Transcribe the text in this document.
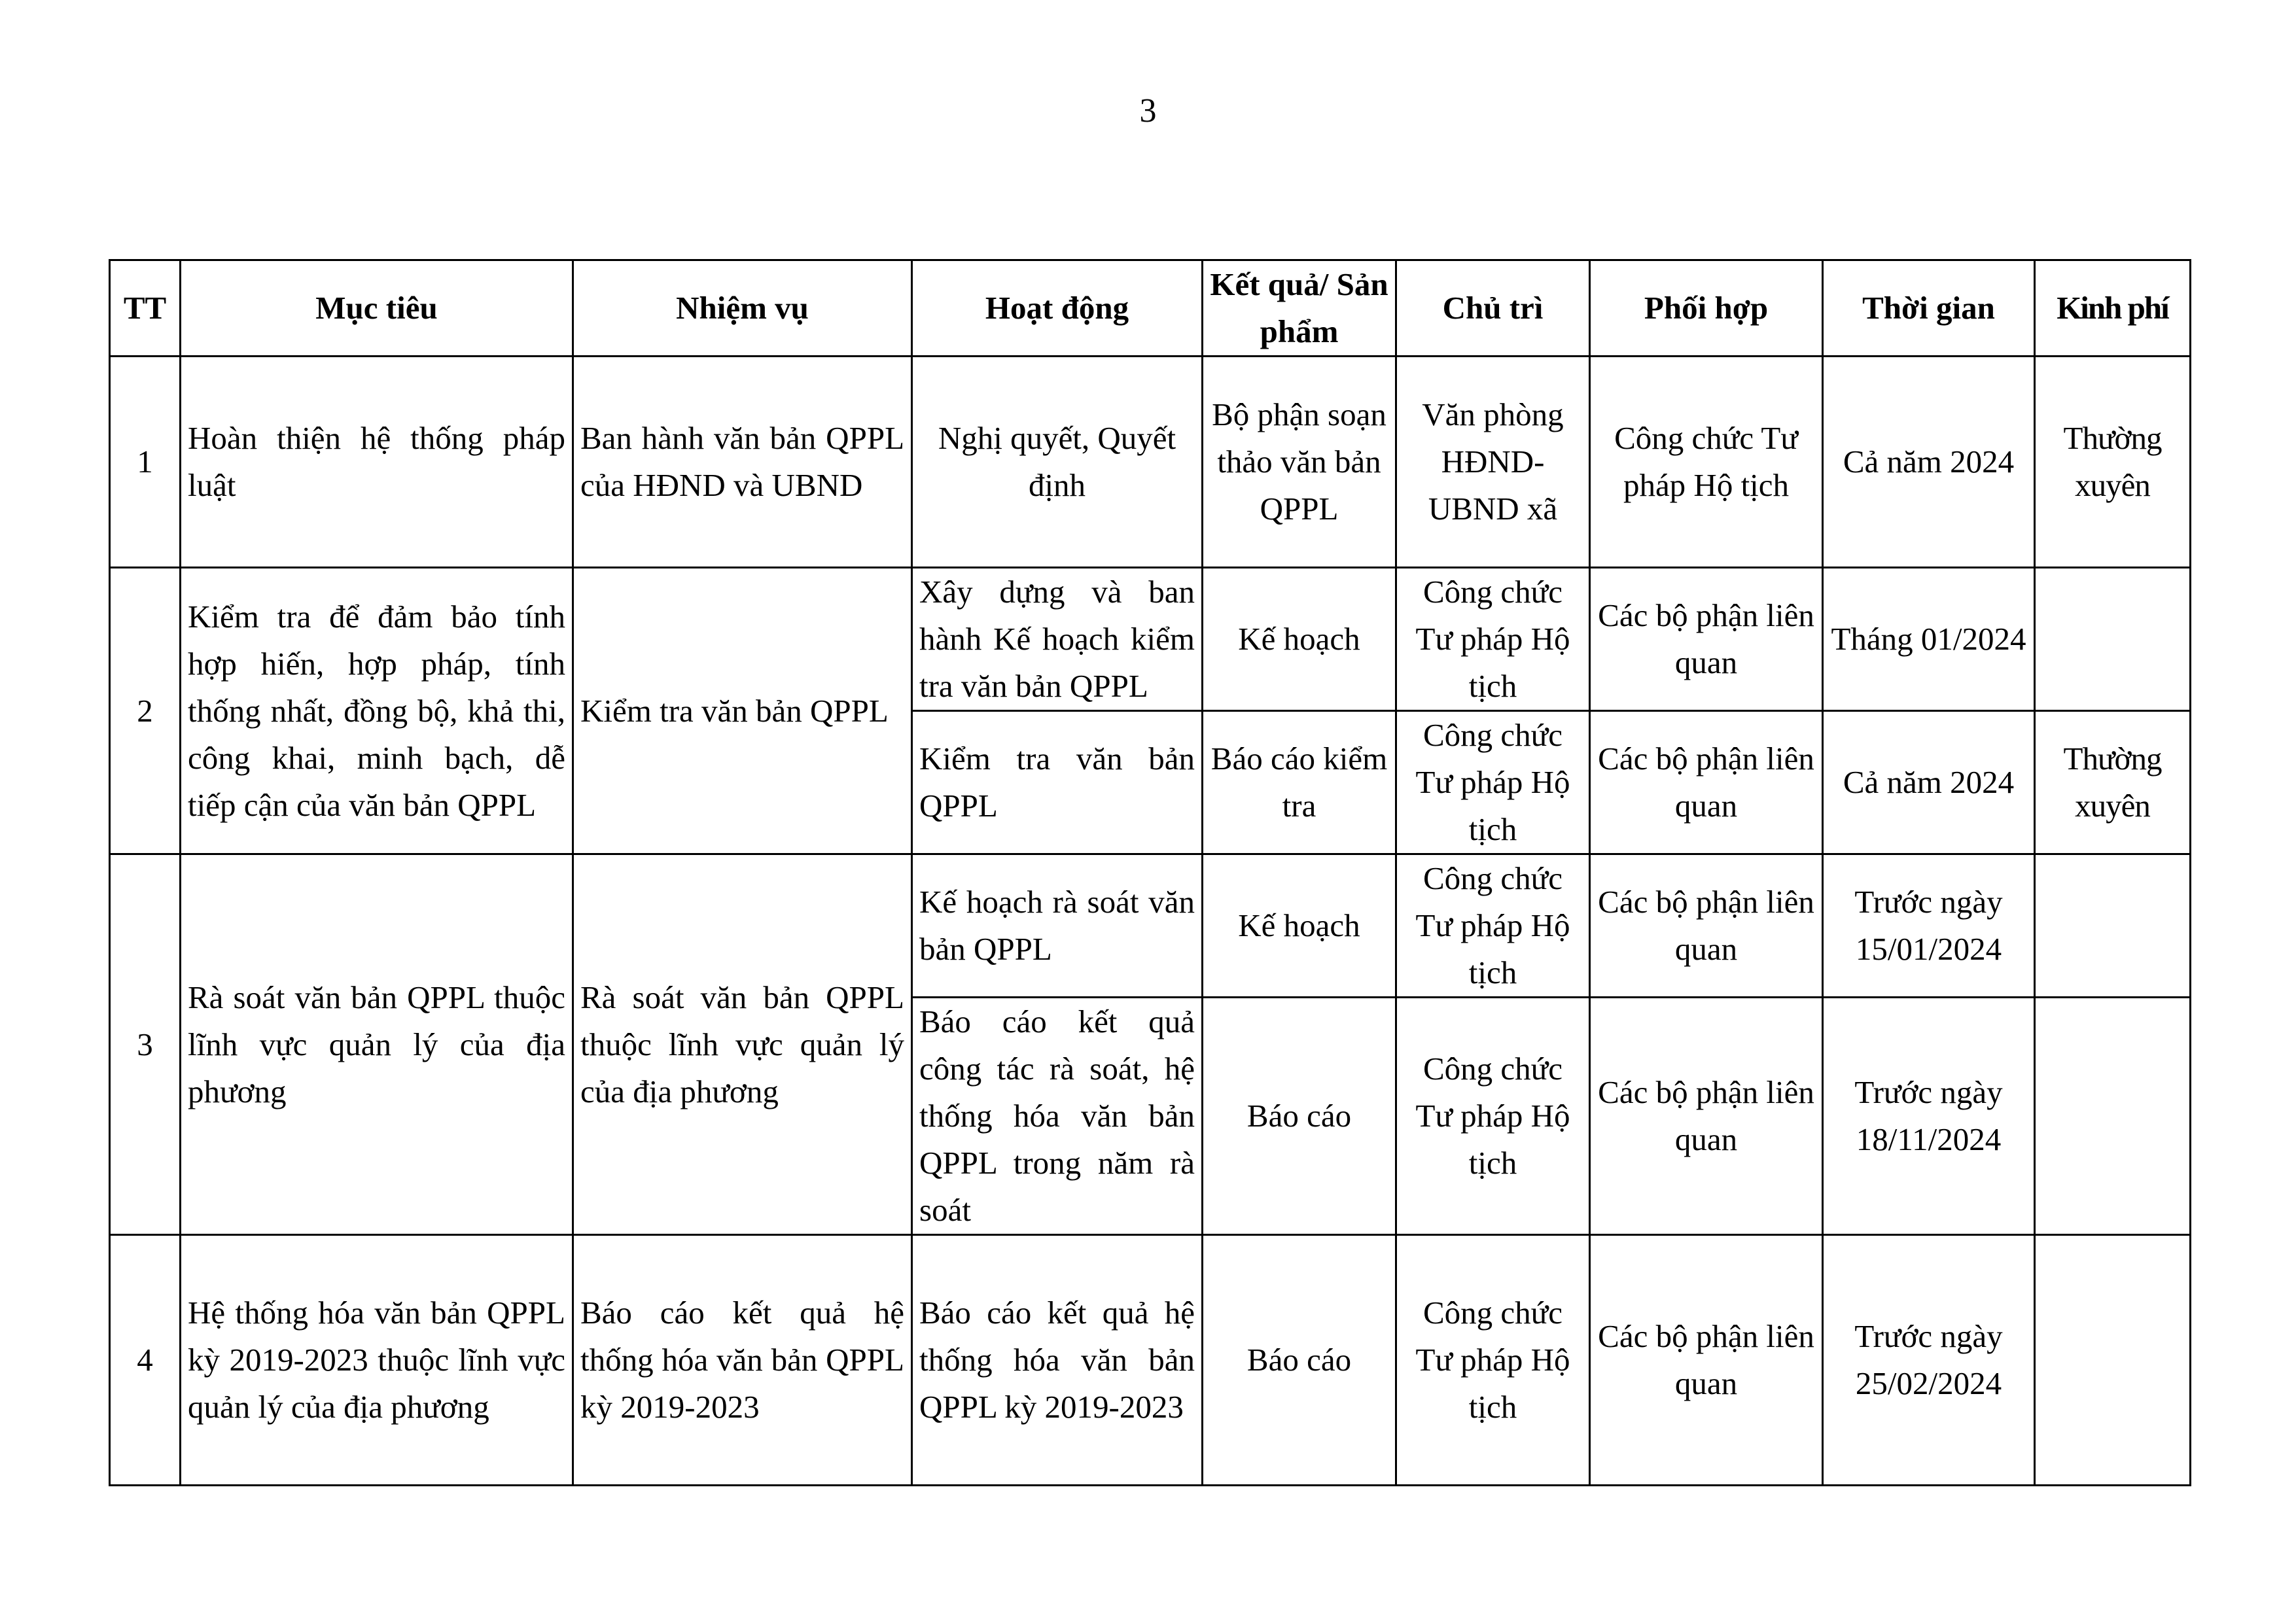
3
TT	Mục tiêu	Nhiệm vụ	Hoạt động	Kết quả/ Sản phẩm	Chủ trì	Phối hợp	Thời gian	Kinh phí
1	Hoàn thiện hệ thống pháp luật	Ban hành văn bản QPPL của HĐND và UBND	Nghị quyết, Quyết định	Bộ phận soạn thảo văn bản QPPL	Văn phòng HĐND- UBND xã	Công chức Tư pháp Hộ tịch	Cả năm 2024	Thường xuyên
2	Kiểm tra để đảm bảo tính hợp hiến, hợp pháp, tính thống nhất, đồng bộ, khả thi, công khai, minh bạch, dễ tiếp cận của văn bản QPPL	Kiểm tra văn bản QPPL	Xây dựng và ban hành Kế hoạch kiểm tra văn bản QPPL	Kế hoạch	Công chức Tư pháp Hộ tịch	Các bộ phận liên quan	Tháng 01/2024	
			Kiểm tra văn bản QPPL	Báo cáo kiểm tra	Công chức Tư pháp Hộ tịch	Các bộ phận liên quan	Cả năm 2024	Thường xuyên
3	Rà soát văn bản QPPL thuộc lĩnh vực quản lý của địa phương	Rà soát văn bản QPPL thuộc lĩnh vực quản lý của địa phương	Kế hoạch rà soát văn bản QPPL	Kế hoạch	Công chức Tư pháp Hộ tịch	Các bộ phận liên quan	Trước ngày 15/01/2024	
			Báo cáo kết quả công tác rà soát, hệ thống hóa văn bản QPPL trong năm rà soát	Báo cáo	Công chức Tư pháp Hộ tịch	Các bộ phận liên quan	Trước ngày 18/11/2024	
4	Hệ thống hóa văn bản QPPL kỳ 2019-2023 thuộc lĩnh vực quản lý của địa phương	Báo cáo kết quả hệ thống hóa văn bản QPPL kỳ 2019-2023	Báo cáo kết quả hệ thống hóa văn bản QPPL kỳ 2019-2023	Báo cáo	Công chức Tư pháp Hộ tịch	Các bộ phận liên quan	Trước ngày 25/02/2024	
